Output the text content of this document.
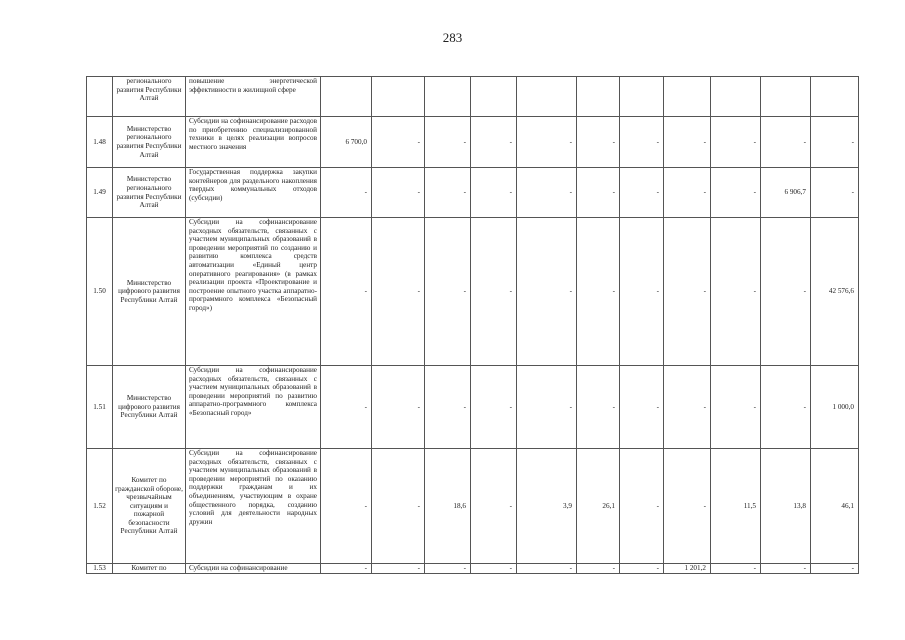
283
	регионального развития Республики Алтай	повышение энергетической эффективности в жилищной сфере											
1.48	Министерство регионального развития Республики Алтай	Субсидии на софинансирование расходов по приобретению специализированной техники в целях реализации вопросов местного значения	6 700,0	-	-	-	-	-	-	-	-	-	-
1.49	Министерство регионального развития Республики Алтай	Государственная поддержка закупки контейнеров для раздельного накопления твердых коммунальных отходов (субсидии)	-	-	-	-	-	-	-	-	-	6 906,7	-
1.50	Министерство цифрового развития Республики Алтай	Субсидии на софинансирование расходных обязательств, связанных с участием муниципальных образований в проведении мероприятий по созданию и развитию комплекса средств автоматизации «Единый центр оперативного реагирования» (в рамках реализации проекта «Проектирование и построение опытного участка аппаратно-программного комплекса «Безопасный город»)	-	-	-	-	-	-	-	-	-	-	42 576,6
1.51	Министерство цифрового развития Республики Алтай	Субсидии на софинансирование расходных обязательств, связанных с участием муниципальных образований в проведении мероприятий по развитию аппаратно-программного комплекса «Безопасный город»	-	-	-	-	-	-	-	-	-	-	1 000,0
1.52	Комитет по гражданской обороне, чрезвычайным ситуациям и пожарной безопасности Республики Алтай	Субсидии на софинансирование расходных обязательств, связанных с участием муниципальных образований в проведении мероприятий по оказанию поддержки гражданам и их объединениям, участвующим в охране общественного порядка, созданию условий для деятельности народных дружин	-	-	18,6	-	3,9	26,1	-	-	11,5	13,8	46,1
1.53	Комитет по	Субсидии на софинансирование	-	-	-	-	-	-	-	1 201,2	-	-	-
